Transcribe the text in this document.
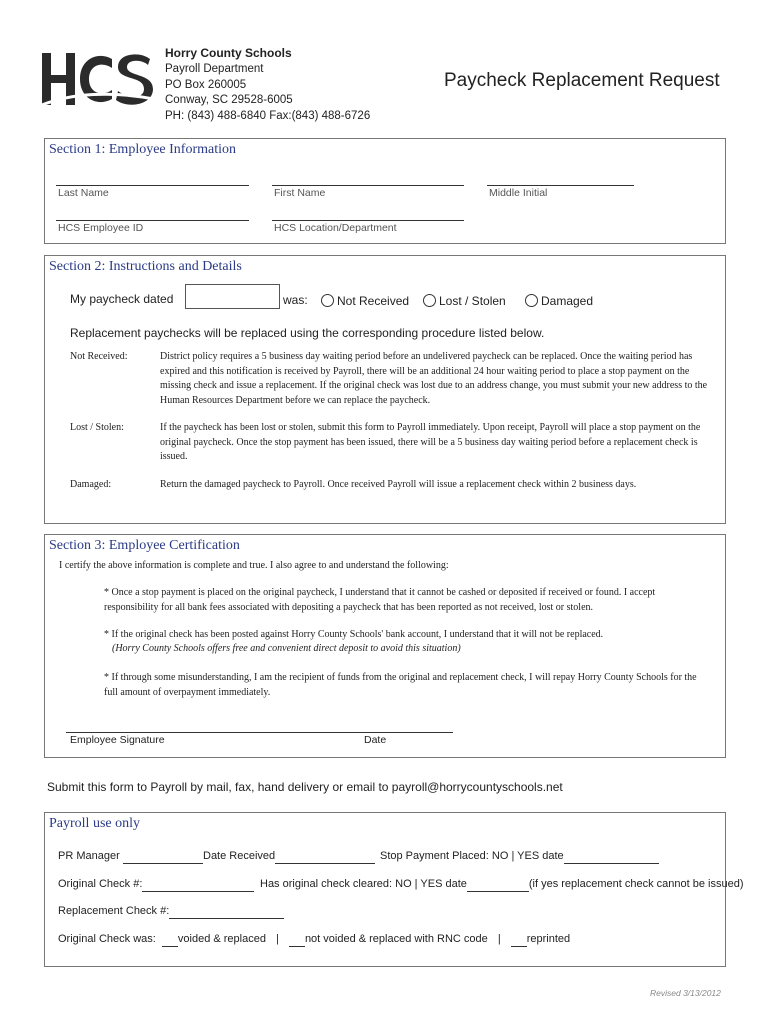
Horry County Schools
Payroll Department
PO Box 260005
Conway, SC 29528-6005
PH: (843) 488-6840 Fax:(843) 488-6726
Paycheck Replacement Request
Section 1: Employee Information
Last Name	First Name	Middle Initial
HCS Employee ID	HCS Location/Department
Section 2: Instructions and Details
My paycheck dated	was:	Not Received	Lost / Stolen	Damaged
Replacement paychecks will be replaced using the corresponding procedure listed below.
Not Received:	District policy requires a 5 business day waiting period before an undelivered paycheck can be replaced. Once the waiting period has expired and this notification is received by Payroll, there will be an additional 24 hour waiting period to place a stop payment on the missing check and issue a replacement. If the original check was lost due to an address change, you must submit your new address to the Human Resources Department before we can replace the paycheck.
Lost / Stolen:	If the paycheck has been lost or stolen, submit this form to Payroll immediately. Upon receipt, Payroll will place a stop payment on the original paycheck. Once the stop payment has been issued, there will be a 5 business day waiting period before a replacement check is issued.
Damaged:	Return the damaged paycheck to Payroll. Once received Payroll will issue a replacement check within 2 business days.
Section 3: Employee Certification
I certify the above information is complete and true. I also agree to and understand the following:
* Once a stop payment is placed on the original paycheck, I understand that it cannot be cashed or deposited if received or found. I accept responsibility for all bank fees associated with depositing a paycheck that has been reported as not received, lost or stolen.
* If the original check has been posted against Horry County Schools' bank account, I understand that it will not be replaced.
(Horry County Schools offers free and convenient direct deposit to avoid this situation)
* If through some misunderstanding, I am the recipient of funds from the original and replacement check, I will repay Horry County Schools for the full amount of overpayment immediately.
Employee Signature	Date
Submit this form to Payroll by mail, fax, hand delivery or email to payroll@horrycountyschools.net
Payroll use only
PR Manager	Date Received	Stop Payment Placed: NO | YES date
Original Check #:	Has original check cleared: NO | YES date	(if yes replacement check cannot be issued)
Replacement Check #:
Original Check was: voided & replaced | not voided & replaced with RNC code | reprinted
Revised 3/13/2012
